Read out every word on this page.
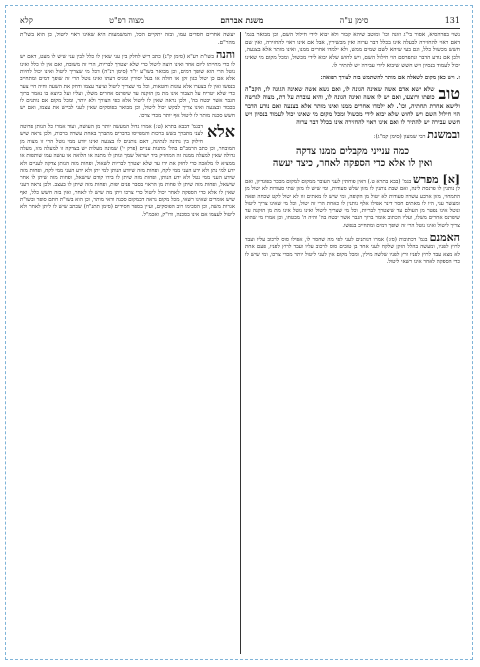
131
סימן ע"ה
משנת אברהם
מצוה רפ"ט
קלא
נשוי בפרהסיא, אסור בי"ג וזונה וכו' ומוטב שיהא קבור ולא יבוא לידי חילול השם, וכן מבואר בגמ' דאם ראוי להחזירה לבעלה אינו בכלל דבר ערוה ואין מכשירין, אבל אם אינו ראוי להחזירה, ואין שם חשש מכשול כלל, וגם בעי שיהא לשם שמים ממש, ולא ילמדו אחרים ממנו, ואינו מותר אלא בצנעה, ולכן אם נודע הדבר ונתפרסם הוי חילול השם, ויש לחוש שלא יבוא לידי מכשול, ומכל מקום מי שאינו יכול לעמוד בנסיון ויש חשש שיבוא לידי עבירה יש להתיר לו.
ז. ויש כאן מקום לשאלה אם מותר להשתמש בזה לצורך רפואה:
טוב
שלא ישא אדם אשה שאינה הגונה לו, ואם נשא אשה שאינה הגונה לו, הקב"ה כופתו ורוצעו, ואם יש לו אשה ואינה הגונה לו, והיא עוברת על דת, מצוה לגרשה ולישא אחרת תחתיה, וכו'. לא ילמדו אחרים ממנו ואינו מותר אלא בצנעה ואם נודע הדבר הוי חילול השם ויש לחוש שלא יבוא לידי מכשול ומכל מקום מי שאינו יכול לעמוד בנסיון ויש חשש עבירה יש להתיר לו ואם אינו ראוי להחזירה אינו בכלל דבר ערוה
ובמשנת רבי שמעון (סימן קמ"ג):
כמה ענייני מקבלים ממנו צדקה
ואין לו אלא כדי הספקה לאחר, כיצד יעשה
[א] מפרש בגמ' (בבא בתרא ט.) דאין פוחתין לעני העובר ממקום למקום מככר בפונדיון, ואם לן נותנין לו פרנסת לינה, ואם שבת נותנין לו מזון שלש סעודות, ומי שיש לו מזון שתי סעודות לא יטול מן התמחוי, מזון ארבע עשרה סעודות לא יטול מן הקופה, ומי שיש לו מאתים זוז לא יטול לקט שכחה ופאה ומעשר עני, היו לו מאתים חסר דינר אפילו אלף נותנין לו כאחת הרי זה יטול, וכל מי שאינו צריך ליטול ונוטל אינו נפטר מן העולם עד שיצטרך לבריות, וכל מי שצריך ליטול ואינו נוטל אינו מת מן הזקנה עד שיפרנס אחרים משלו, ועליו הכתוב אומר ברוך הגבר אשר יבטח בה' והיה ה' מבטחו, וכן אמרו מי שהוא צריך ליטול ואינו נוטל הרי זה שופך דמים ומתחייב בנפשו.
האמנם בגמ' דכתובות (סז:) אמרו דנותנים לעני לפי מה שחסר לו, אפילו סוס לרכוב עליו ועבד לרוץ לפניו, ומעשה בהלל הזקן שלקח לעני אחד בן טובים סוס לרכוב עליו ועבד לרוץ לפניו, פעם אחת לא מצא עבד לרוץ לפניו ורץ לפניו שלשה מילין, ומכל מקום אין לעני ליטול יותר מכדי צרכו, ומי שיש לו כדי הספקה לאחר אינו רשאי ליטול.
יעשה אחרים חסדים עמו, ובזה יתקיים הכל, והמשמעות היא שאינו ראוי ליטול, כן הוא בשו"ת מהר"ם.
והנה בשו"ת רע"א (סימן ק"נ) כתב דיש לחלק בין עני שאין לו כלל לבין עני שיש לו מעט, דאם יש לו כדי מחייתו ליום אחד ואינו רוצה ליטול כדי שלא יצטרך לבריות, הרי זה משובח, ואם אין לו כלל ואינו נוטל הרי הוא שופך דמים, וכן מבואר בשו"ע יו"ד (סימן רנ"ה) דכל מי שצריך ליטול ואינו יכול לחיות אלא אם כן יטול כגון זקן או חולה או בעל יסורין ומגיס דעתו ואינו נוטל הרי זה שופך דמים ומתחייב בנפשו ואין לו בצערו אלא עונות וחטאות, וכל מי שצריך ליטול וציער עצמו ודחק את השעה וחיה חיי צער כדי שלא יטריח על הצבור אינו מת מן הזקנה עד שיפרנס אחרים משלו, ועליו ועל כיוצא בו נאמר ברוך הגבר אשר יבטח בה', ולכן נראה שאין לו ליטול אלא כפי הצורך ולא יותר, ומכל מקום אם נותנים לו בכבוד ובצנעה ואינו צריך לבקש יכול ליטול, וכן מבואר בפוסקים שאין לעני לבייש את עצמו, ואם יש חשש סכנה מותר לו ליטול אף יותר מכדי צרכו.
אלא
דבגמ' דבבא בתרא (ט:) אמרו גדול המעשה יותר מן העושה, ועוד אמרו כל הנותן פרוטה לעני מתברך בשש ברכות והמפייסו בדברים מתברך באחת עשרה ברכות, ולכן נראה שיש חילוק בין נתינה לנתינה, דאם נותנים לו בצנעה ואינו יודע ממי נוטל הרי זו מצוה מן המובחר, וכן כתב הרמב"ם בהל' מתנות עניים (פרק י') שמונה מעלות יש בצדקה זו למעלה מזו, מעלה גדולה שאין למעלה ממנה זה המחזיק ביד ישראל שמך ונותן לו מתנה או הלואה או עושה עמו שותפות או ממציא לו מלאכה כדי לחזק את ידו עד שלא יצטרך לבריות לשאול, ופחות מזה הנותן צדקה לעניים ולא ידע למי נתן ולא ידע העני ממי לקח, ופחות מזה שיודע הנותן למי יתן ולא ידע העני ממי לקח, ופחות מזה שידע העני ממי נטל ולא ידע הנותן, ופחות מזה שיתן לו בידו קודם שישאל, ופחות מזה שיתן לו אחר שישאל, ופחות מזה שיתן לו פחות מן הראוי בסבר פנים יפות, ופחות מזה שיתן לו בעצב. ולכן נראה דעני שאין לו אלא כדי הספקה לאחר יכול ליטול כדי צרכו ויתן מה שיש לו לאחר, ואין בזה חשש כלל, ואף שיש אומרים שאינו רשאי, מכל מקום נראה דבמקום סכנה ודאי מותר, וכן הוא בשו"ת חתם סופר ובשו"ת אגרות משה, וכן הסכימו רוב הפוסקים, ועיין בספר חסידים (סימן תתנ"ח) שכתב שיש לו ליתן לאחר ולא ליטול לעצמו אם אינו בסכנה, ודו"ק, ואכמ"ל.
